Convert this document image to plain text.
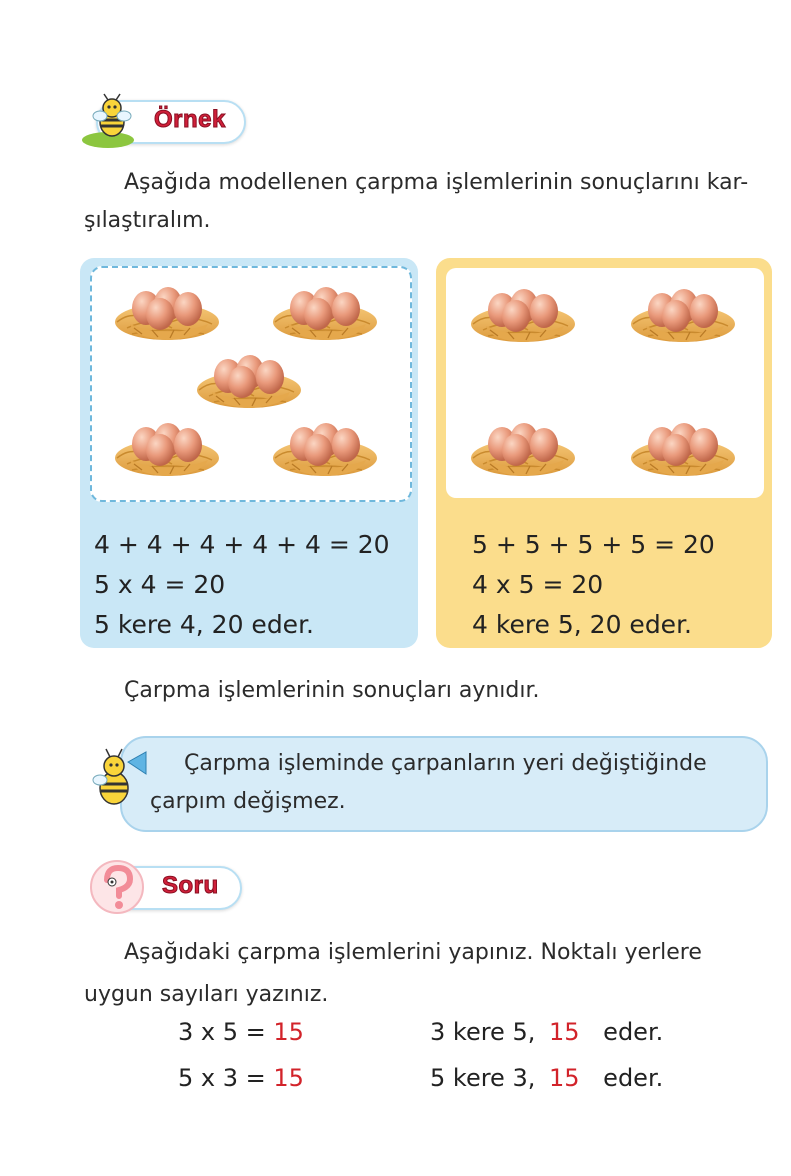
Örnek
Aşağıda modellenen çarpma işlemlerinin sonuçlarını kar-
şılaştıralım.
4 + 4 + 4 + 4 + 4 = 20
5 x 4 = 20
5 kere 4, 20 eder.
5 + 5 + 5 + 5 = 20
4 x 5 = 20
4 kere 5, 20 eder.
Çarpma işlemlerinin sonuçları aynıdır.
Çarpma işleminde çarpanların yeri değiştiğinde
çarpım değişmez.
Soru
Aşağıdaki çarpma işlemlerini yapınız. Noktalı yerlere
uygun sayıları yazınız.
3 x 5 = 15	3 kere 5, 15 eder.
5 x 3 = 15	5 kere 3, 15 eder.
